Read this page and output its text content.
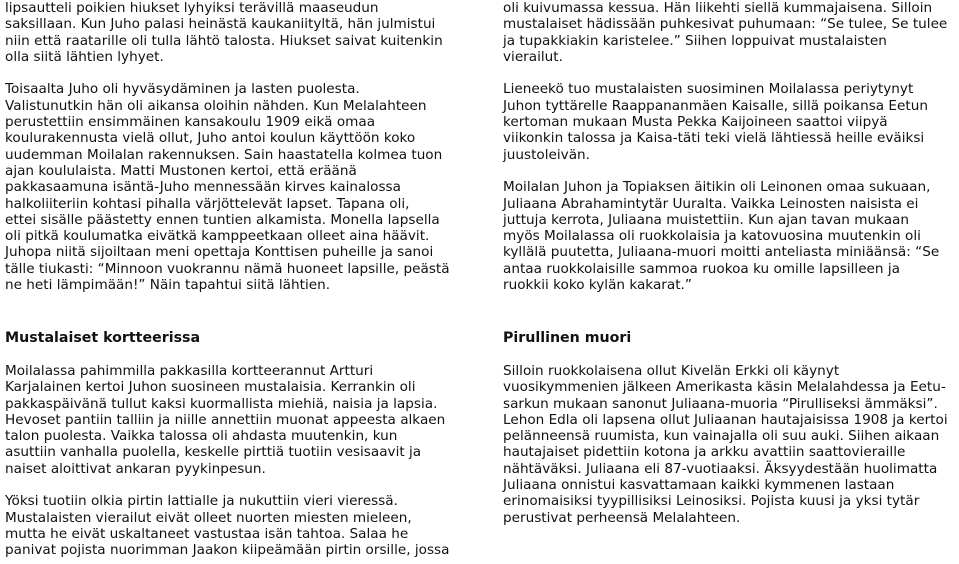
lipsautteli poikien hiukset lyhyiksi terävillä maaseudun
saksillaan. Kun Juho palasi heinästä kaukaniityltä, hän julmistui
niin että raatarille oli tulla lähtö talosta. Hiukset saivat kuitenkin
olla siitä lähtien lyhyet.
Toisaalta Juho oli hyväsydäminen ja lasten puolesta.
Valistunutkin hän oli aikansa oloihin nähden. Kun Melalahteen
perustettiin ensimmäinen kansakoulu 1909 eikä omaa
koulurakennusta vielä ollut, Juho antoi koulun käyttöön koko
uudemman Moilalan rakennuksen. Sain haastatella kolmea tuon
ajan koululaista. Matti Mustonen kertoi, että eräänä
pakkasaamuna isäntä-Juho mennessään kirves kainalossa
halkoliiteriin kohtasi pihalla värjöttelevät lapset. Tapana oli,
ettei sisälle päästetty ennen tuntien alkamista. Monella lapsella
oli pitkä koulumatka eivätkä kamppeetkaan olleet aina häävit.
Juhopa niitä sijoiltaan meni opettaja Konttisen puheille ja sanoi
tälle tiukasti: “Minnoon vuokrannu nämä huoneet lapsille, peästä
ne heti lämpimään!” Näin tapahtui siitä lähtien.
oli kuivumassa kessua. Hän liikehti siellä kummajaisena. Silloin
mustalaiset hädissään puhkesivat puhumaan: “Se tulee, Se tulee
ja tupakkiakin karistelee.” Siihen loppuivat mustalaisten
vierailut.
Lieneekö tuo mustalaisten suosiminen Moilalassa periytynyt
Juhon tyttärelle Raappananmäen Kaisalle, sillä poikansa Eetun
kertoman mukaan Musta Pekka Kaijoineen saattoi viipyä
viikonkin talossa ja Kaisa-täti teki vielä lähtiessä heille eväiksi
juustoleivän.
Moilalan Juhon ja Topiaksen äitikin oli Leinonen omaa sukuaan,
Juliaana Abrahamintytär Uuralta. Vaikka Leinosten naisista ei
juttuja kerrota, Juliaana muistettiin. Kun ajan tavan mukaan
myös Moilalassa oli ruokkolaisia ja katovuosina muutenkin oli
kyllälä puutetta, Juliaana-muori moitti anteliasta miniäänsä: “Se
antaa ruokkolaisille sammoa ruokoa ku omille lapsilleen ja
ruokkii koko kylän kakarat.”
Mustalaiset kortteerissa	Pirullinen muori
Moilalassa pahimmilla pakkasilla kortteerannut Artturi
Karjalainen kertoi Juhon suosineen mustalaisia. Kerrankin oli
pakkaspäivänä tullut kaksi kuormallista miehiä, naisia ja lapsia.
Hevoset pantiin talliin ja niille annettiin muonat appeesta alkaen
talon puolesta. Vaikka talossa oli ahdasta muutenkin, kun
asuttiin vanhalla puolella, keskelle pirttiä tuotiin vesisaavit ja
naiset aloittivat ankaran pyykinpesun.
Yöksi tuotiin olkia pirtin lattialle ja nukuttiin vieri vieressä.
Mustalaisten vierailut eivät olleet nuorten miesten mieleen,
mutta he eivät uskaltaneet vastustaa isän tahtoa. Salaa he
panivat pojista nuorimman Jaakon kiipeämään pirtin orsille, jossa
Silloin ruokkolaisena ollut Kivelän Erkki oli käynyt
vuosikymmenien jälkeen Amerikasta käsin Melalahdessa ja Eetu-
sarkun mukaan sanonut Juliaana-muoria “Pirulliseksi ämmäksi”.
Lehon Edla oli lapsena ollut Juliaanan hautajaisissa 1908 ja kertoi
pelänneensä ruumista, kun vainajalla oli suu auki. Siihen aikaan
hautajaiset pidettiin kotona ja arkku avattiin saattovieraille
nähtäväksi. Juliaana eli 87-vuotiaaksi. Äksyydestään huolimatta
Juliaana onnistui kasvattamaan kaikki kymmenen lastaan
erinomaisiksi tyypillisiksi Leinosiksi. Pojista kuusi ja yksi tytär
perustivat perheensä Melalahteen.
